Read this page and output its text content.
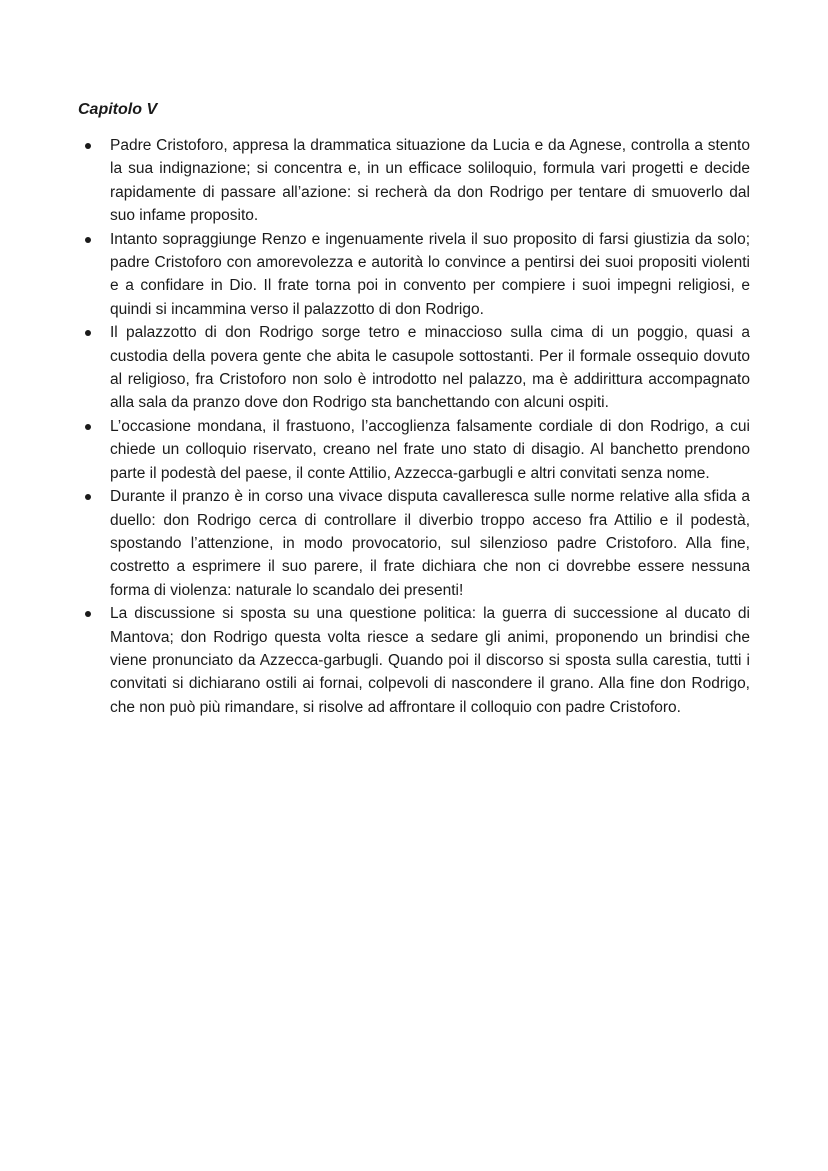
Capitolo V
Padre Cristoforo, appresa la drammatica situazione da Lucia e da Agnese, controlla a stento la sua indignazione; si concentra e, in un efficace soliloquio, formula vari progetti e decide rapidamente di passare all’azione: si recherà da don Rodrigo per tentare di smuoverlo dal suo infame proposito.
Intanto sopraggiunge Renzo e ingenuamente rivela il suo proposito di farsi giustizia da solo; padre Cristoforo con amorevolezza e autorità lo convince a pentirsi dei suoi propositi violenti e a confidare in Dio. Il frate torna poi in convento per compiere i suoi impegni religiosi, e quindi si incammina verso il palazzotto di don Rodrigo.
Il palazzotto di don Rodrigo sorge tetro e minaccioso sulla cima di un poggio, quasi a custodia della povera gente che abita le casupole sottostanti. Per il formale ossequio dovuto al religioso, fra Cristoforo non solo è introdotto nel palazzo, ma è addirittura accompagnato alla sala da pranzo dove don Rodrigo sta banchettando con alcuni ospiti.
L’occasione mondana, il frastuono, l’accoglienza falsamente cordiale di don Rodrigo, a cui chiede un colloquio riservato, creano nel frate uno stato di disagio. Al banchetto prendono parte il podestà del paese, il conte Attilio, Azzecca-garbugli e altri convitati senza nome.
Durante il pranzo è in corso una vivace disputa cavalleresca sulle norme relative alla sfida a duello: don Rodrigo cerca di controllare il diverbio troppo acceso fra Attilio e il podestà, spostando l’attenzione, in modo provocatorio, sul silenzioso padre Cristoforo. Alla fine, costretto a esprimere il suo parere, il frate dichiara che non ci dovrebbe essere nessuna forma di violenza: naturale lo scandalo dei presenti!
La discussione si sposta su una questione politica: la guerra di successione al ducato di Mantova; don Rodrigo questa volta riesce a sedare gli animi, proponendo un brindisi che viene pronunciato da Azzecca-garbugli. Quando poi il discorso si sposta sulla carestia, tutti i convitati si dichiarano ostili ai fornai, colpevoli di nascondere il grano. Alla fine don Rodrigo, che non può più rimandare, si risolve ad affrontare il colloquio con padre Cristoforo.
